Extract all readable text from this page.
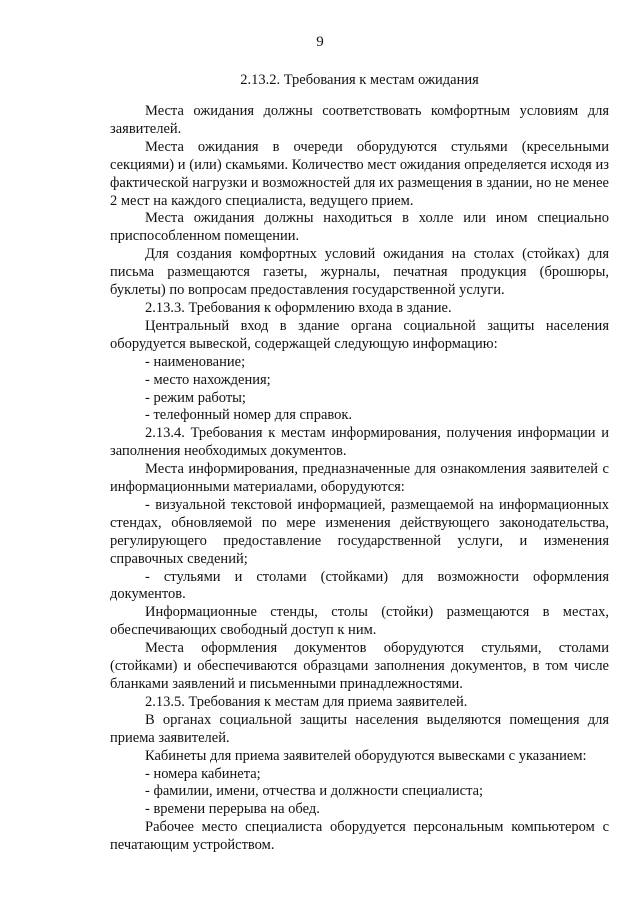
9
2.13.2. Требования к местам ожидания

Места ожидания должны соответствовать комфортным условиям для заявителей.

Места ожидания в очереди оборудуются стульями (кресельными секциями) и (или) скамьями. Количество мест ожидания определяется исходя из фактической нагрузки и возможностей для их размещения в здании, но не менее 2 мест на каждого специалиста, ведущего прием.

Места ожидания должны находиться в холле или ином специально приспособленном помещении.

Для создания комфортных условий ожидания на столах (стойках) для письма размещаются газеты, журналы, печатная продукция (брошюры, буклеты) по вопросам предоставления государственной услуги.

2.13.3. Требования к оформлению входа в здание.

Центральный вход в здание органа социальной защиты населения оборудуется вывеской, содержащей следующую информацию:

- наименование;

- место нахождения;

- режим работы;

- телефонный номер для справок.

2.13.4. Требования к местам информирования, получения информации и заполнения необходимых документов.

Места информирования, предназначенные для ознакомления заявителей с информационными материалами, оборудуются:

- визуальной текстовой информацией, размещаемой на информационных стендах, обновляемой по мере изменения действующего законодательства, регулирующего предоставление государственной услуги, и изменения справочных сведений;

- стульями и столами (стойками) для возможности оформления документов.

Информационные стенды, столы (стойки) размещаются в местах, обеспечивающих свободный доступ к ним.

Места оформления документов оборудуются стульями, столами (стойками) и обеспечиваются образцами заполнения документов, в том числе бланками заявлений и письменными принадлежностями.

2.13.5. Требования к местам для приема заявителей.

В органах социальной защиты населения выделяются помещения для приема заявителей.

Кабинеты для приема заявителей оборудуются вывесками с указанием:

- номера кабинета;

- фамилии, имени, отчества и должности специалиста;

- времени перерыва на обед.

Рабочее место специалиста оборудуется персональным компьютером с печатающим устройством.
